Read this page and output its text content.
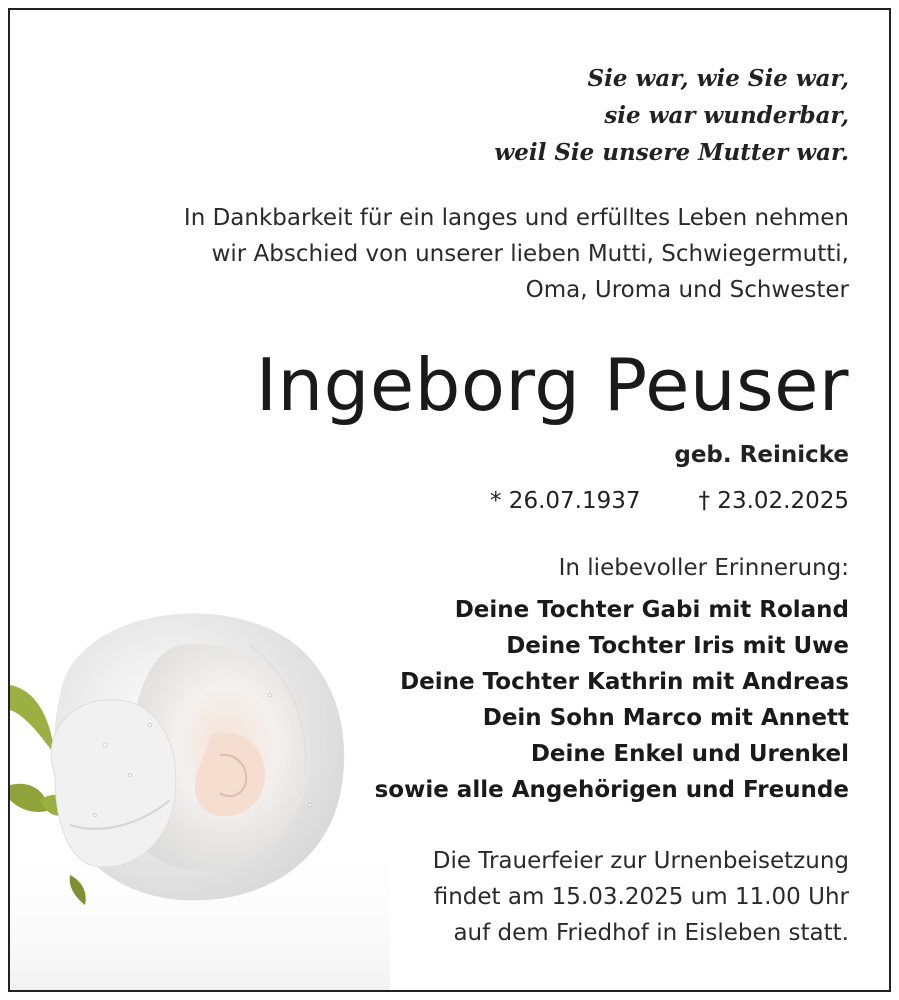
Sie war, wie Sie war,
sie war wunderbar,
weil Sie unsere Mutter war.
In Dankbarkeit für ein langes und erfülltes Leben nehmen
wir Abschied von unserer lieben Mutti, Schwiegermutti,
Oma, Uroma und Schwester
Ingeborg Peuser
geb. Reinicke
* 26.07.1937	† 23.02.2025
In liebevoller Erinnerung:
Deine Tochter Gabi mit Roland
Deine Tochter Iris mit Uwe
Deine Tochter Kathrin mit Andreas
Dein Sohn Marco mit Annett
Deine Enkel und Urenkel
sowie alle Angehörigen und Freunde
Die Trauerfeier zur Urnenbeisetzung
findet am 15.03.2025 um 11.00 Uhr
auf dem Friedhof in Eisleben statt.
